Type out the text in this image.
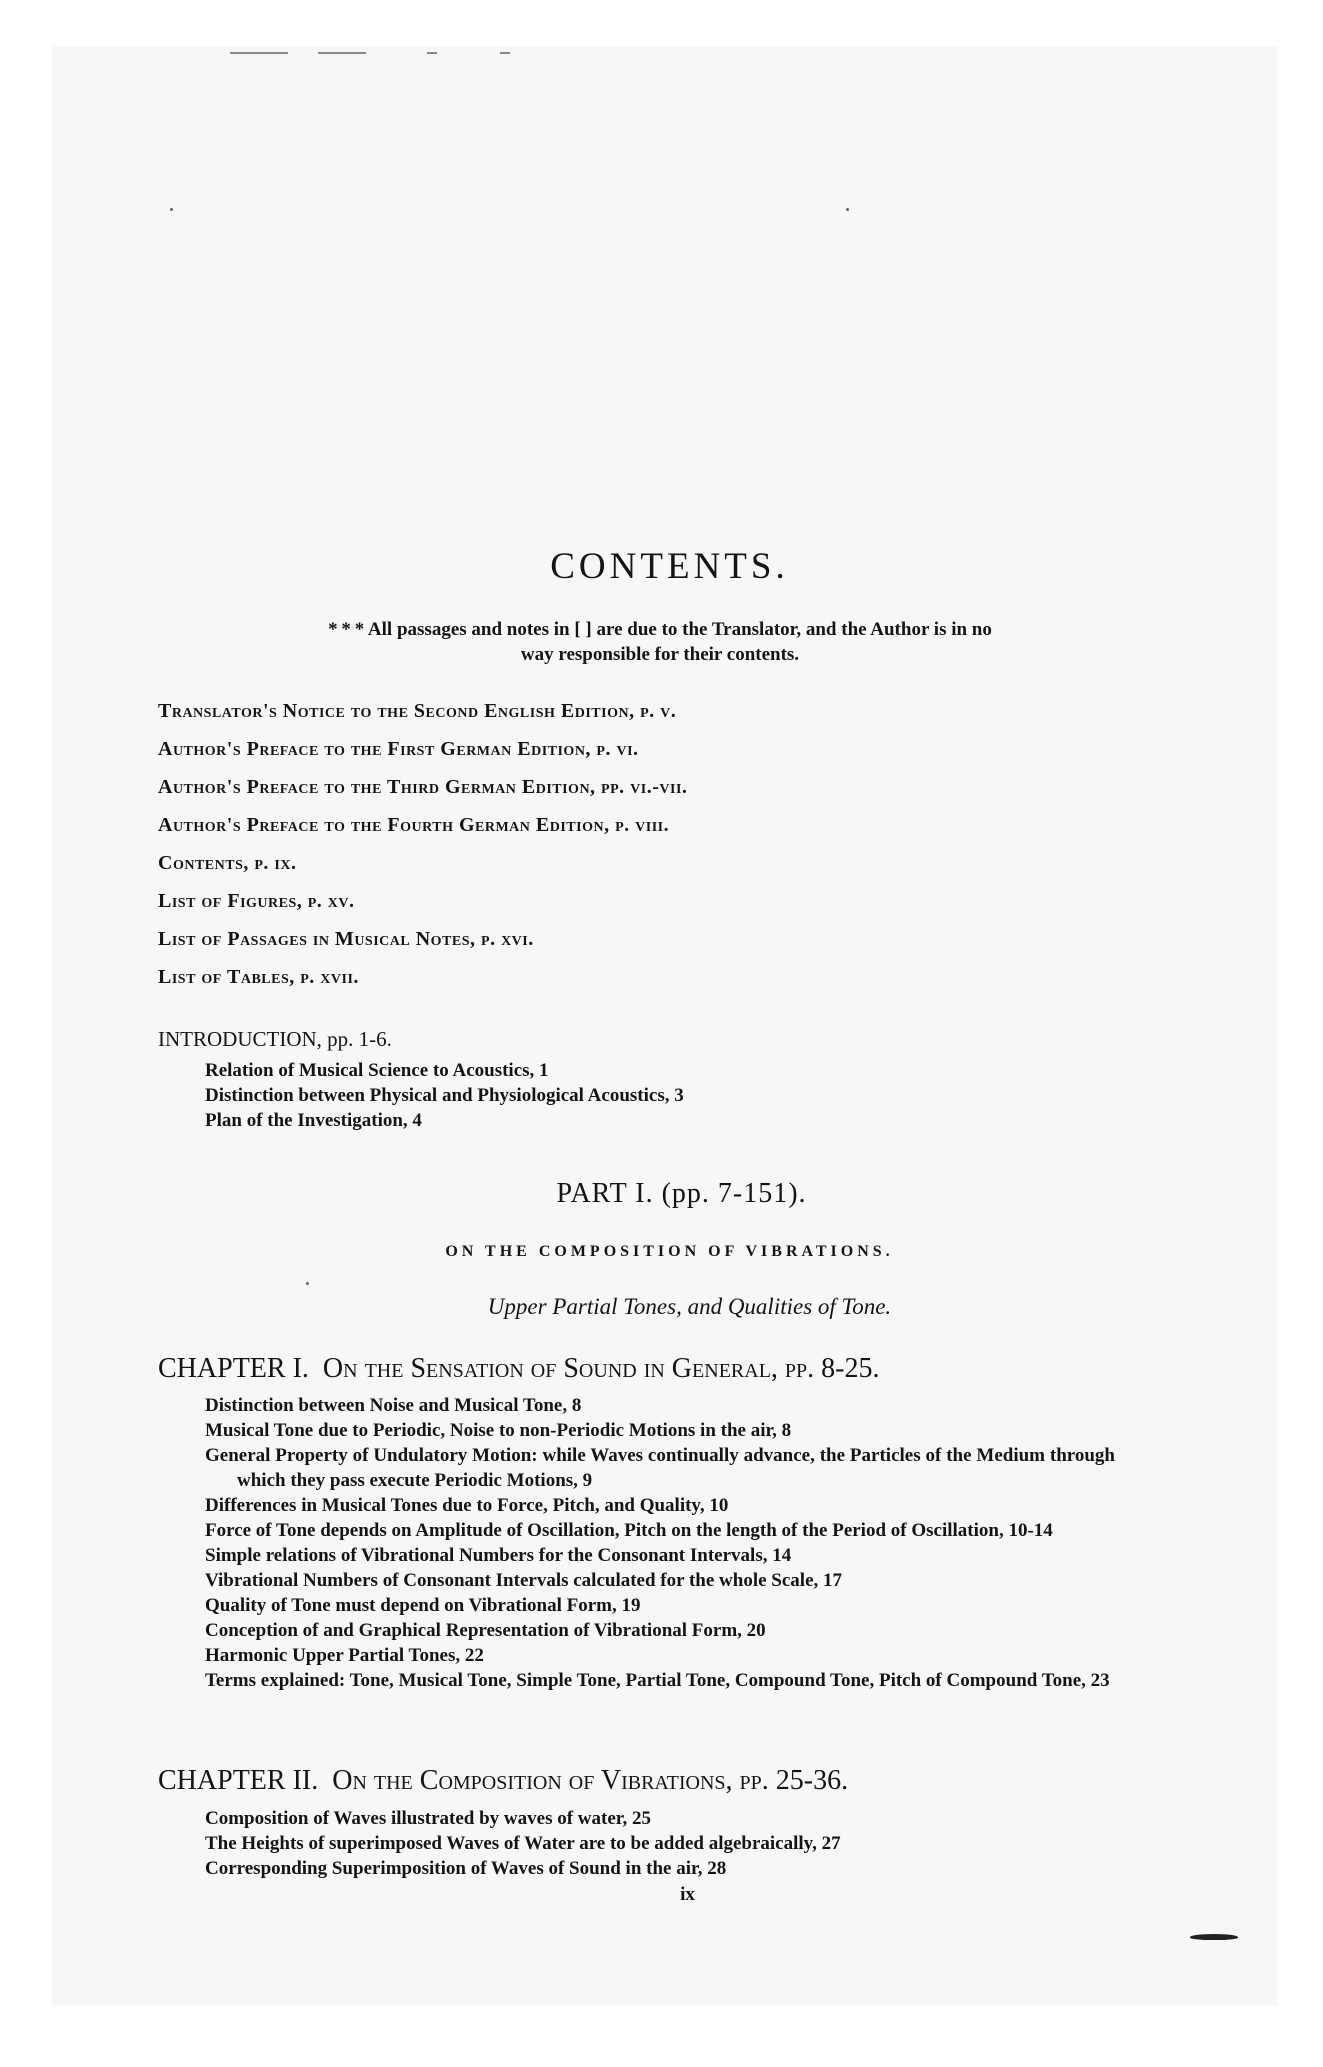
CONTENTS.
* * * All passages and notes in [ ] are due to the Translator, and the Author is in no
way responsible for their contents.
Translator's Notice to the Second English Edition, p. v.
Author's Preface to the First German Edition, p. vi.
Author's Preface to the Third German Edition, pp. vi.-vii.
Author's Preface to the Fourth German Edition, p. viii.
Contents, p. ix.
List of Figures, p. xv.
List of Passages in Musical Notes, p. xvi.
List of Tables, p. xvii.
INTRODUCTION, pp. 1-6.
Relation of Musical Science to Acoustics, 1
Distinction between Physical and Physiological Acoustics, 3
Plan of the Investigation, 4
PART I. (pp. 7-151).
ON THE COMPOSITION OF VIBRATIONS.
Upper Partial Tones, and Qualities of Tone.
CHAPTER I. On the Sensation of Sound in General, pp. 8-25.
Distinction between Noise and Musical Tone, 8
Musical Tone due to Periodic, Noise to non-Periodic Motions in the air, 8
General Property of Undulatory Motion: while Waves continually advance, the Particles of the Medium through which they pass execute Periodic Motions, 9
Differences in Musical Tones due to Force, Pitch, and Quality, 10
Force of Tone depends on Amplitude of Oscillation, Pitch on the length of the Period of Oscillation, 10-14
Simple relations of Vibrational Numbers for the Consonant Intervals, 14
Vibrational Numbers of Consonant Intervals calculated for the whole Scale, 17
Quality of Tone must depend on Vibrational Form, 19
Conception of and Graphical Representation of Vibrational Form, 20
Harmonic Upper Partial Tones, 22
Terms explained: Tone, Musical Tone, Simple Tone, Partial Tone, Compound Tone, Pitch of Compound Tone, 23
CHAPTER II. On the Composition of Vibrations, pp. 25-36.
Composition of Waves illustrated by waves of water, 25
The Heights of superimposed Waves of Water are to be added algebraically, 27
Corresponding Superimposition of Waves of Sound in the air, 28
ix
